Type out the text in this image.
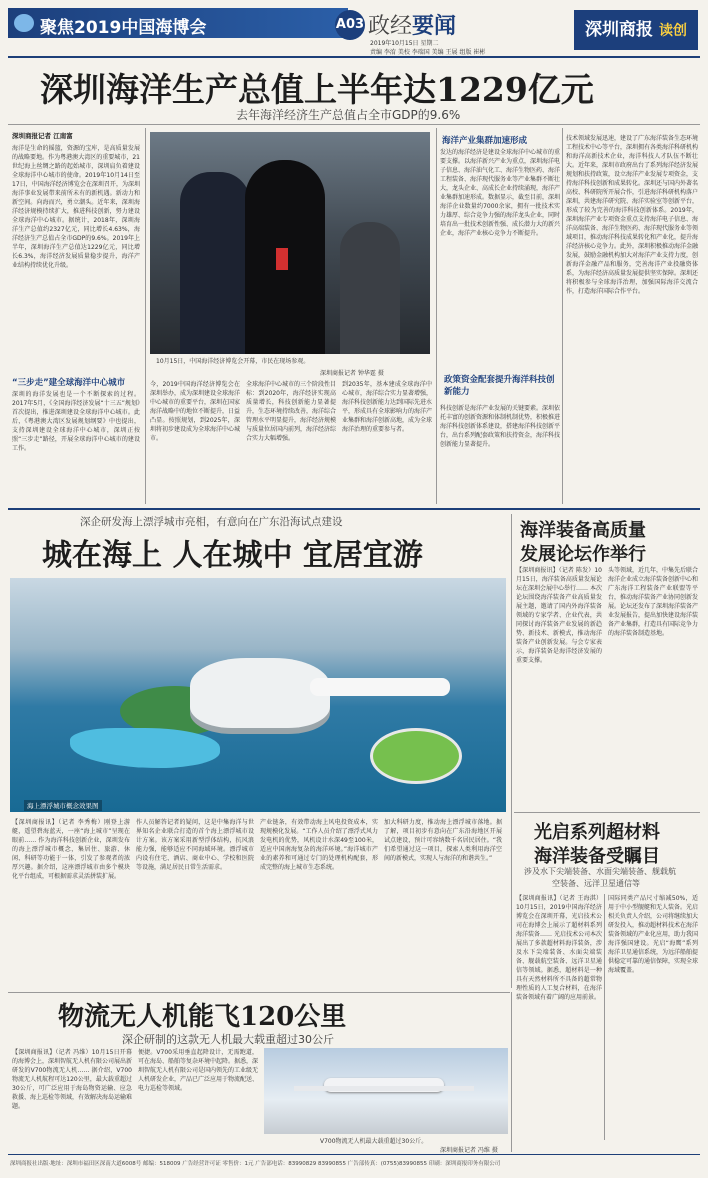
聚焦2019中国海博会	A03 政经要闻
2019年10月15日 星期二
责编 李淯 美校 李瑞国 美编 王展 组版 崔彬
深圳商报 读创
深圳海洋生产总值上半年达1229亿元
去年海洋经济生产总值占全市GDP的9.6%
深圳商报记者 江南富
海洋是生命的摇篮，资源的宝库，是高质量发展的战略要地。作为粤港澳大湾区的重要城市，21世纪海上丝绸之路的起始城市，深圳肩负着建设全球海洋中心城市的使命。2019年10月14日至17日，中国海洋经济博览会在深圳召开，为深圳海洋事业发展带来前所未有的新机遇。新动力和新空间。向海而兴，勇立潮头。近年来，深圳海洋经济规模持续扩大，推进科技创新，努力建设全球海洋中心城市。据统计，2018年，深圳海洋生产总值约2327亿元，同比增长4.63%，海洋经济生产总值占全市GDP的9.6%。2019年上半年，深圳海洋生产总值达1229亿元，同比增长6.3%，海洋经济发展质量稳步提升，海洋产业结构持续优化升级。
“三步走”建全球海洋中心城市
深圳的海洋发展也是一个不断探索的过程。2017年5月，《全国海洋经济发展“十三五”规划》首次提出，推进深圳建设全球海洋中心城市。此后，《粤港澳大湾区发展规划纲要》中也提出，支持深圳建设全球海洋中心城市，深圳正按照“三步走”路径，开展全球海洋中心城市的建设工作。
10月15日，中国海洋经济博览会开幕，市民在现场参观。
深圳商报记者 钟华霆 摄
今，2019中国海洋经济博览会在深圳举办，成为深圳建设全球海洋中心城市的重要平台，深圳在国家海洋战略中的地位不断提升，日益凸显。按照规划，到2025年，深圳将初步建设成为全球海洋中心城市。
全球海洋中心城市的三个阶段性目标：到2020年，海洋经济实现高质量增长，科技创新能力显著提升，生态环境持续改善，海洋综合管理水平明显提升，海洋经济规模与质量位居国内前列，海洋经济综合实力大幅增强。
到2035年，基本建成全球海洋中心城市，海洋综合实力显著增强，海洋科技创新能力达到国际先进水平，形成具有全球影响力的海洋产业集群和海洋创新高地，成为全球海洋治理的重要参与者。
海洋产业集群加速形成
发达的海洋经济是建设全球海洋中心城市的重要支撑。以海洋新兴产业为重点，深圳海洋电子信息、海洋油气化工、海洋生物医药、海洋工程装备、海洋现代服务业等产业集群不断壮大，龙头企业、高成长企业持续涌现，海洋产业集群加速形成。数据显示，截至目前，深圳海洋企业数量约7000余家，拥有一批技术实力雄厚、综合竞争力强的海洋龙头企业，同时培育出一批技术创新性强、成长潜力大的新兴企业，海洋产业核心竞争力不断提升。
政策资金配套提升海洋科技创新能力
科技创新是海洋产业发展的关键要素。深圳依托丰富的创新资源和体制机制优势，积极推进海洋科技创新体系建设，搭建海洋科技创新平台，出台系列配套政策和扶持资金，海洋科技创新能力显著提升。
技术领域发展迅速，建设了广东海洋装备生态环境工程技术中心等平台，深圳拥有各类海洋科研机构和海洋高新技术企业，海洋科技人才队伍不断壮大。近年来，深圳市政府出台了系列海洋经济发展规划和扶持政策，设立海洋产业发展专项资金，支持海洋科技创新和成果转化。深圳还与国内外著名高校、科研院所开展合作，引进海洋科研机构落户深圳，共建海洋研究院、海洋实验室等创新平台，形成了较为完善的海洋科技创新体系。2019年，深圳海洋产业专项资金重点支持海洋电子信息、海洋高端装备、海洋生物医药、海洋现代服务业等领域项目，推动海洋科技成果转化和产业化，提升海洋经济核心竞争力。此外，深圳积极推动海洋金融发展，鼓励金融机构加大对海洋产业支持力度，创新海洋金融产品和服务，完善海洋产业投融资体系，为海洋经济高质量发展提供坚实保障。深圳还将积极参与全球海洋治理，加强国际海洋交流合作，打造海洋国际合作平台。
深企研发海上漂浮城市亮相，有意向在广东沿海试点建设
城在海上 人在城中 宜居宜游
海上漂浮城市概念效果图
【深圳商报讯】（记者 李秀梅）刚登上游艇，遥望碧海蓝天，一座“海上城市”呈现在眼前…… 作为海洋科技创新企业，深圳发布的海上漂浮城市概念，集居住、旅游、休闲、科研等功能于一体，引发了参观者的浓厚兴趣。据介绍，这座漂浮城市由多个模块化平台组成，可根据需求灵活拼装扩展。
作人员解答记者的疑问，这是中集海洋与世界知名企业联合打造的首个海上漂浮城市设计方案。该方案采用新型浮体结构，抗风浪能力强，能够适应不同海域环境。漂浮城市内设有住宅、酒店、商业中心、学校和医院等设施，满足居民日常生活需求。
产业链条，有效带动海上风电投资成本，实现规模化发展。“工作人员介绍了漂浮式风力发电机的优势，风机设计水深49至100米，适应中国南海复杂的海洋环境。”海洋城市产业的素养和可通过专门的处理机构配套，形成完整的海上城市生态系统。
加大科研力度，推动海上漂浮城市落地。据了解，项目初步有意向在广东沿海地区开展试点建设，预计可容纳数千名居民居住。“我们希望通过这一项目，探索人类利用海洋空间的新模式，实现人与海洋的和谐共生。”
海洋装备高质量
发展论坛作举行
【深圳商报讯】（记者 陈发）10月15日，海洋装备高质量发展论坛在深圳会展中心举行…… 本次论坛围绕海洋装备产业高质量发展主题，邀请了国内外海洋装备领域的专家学者、企业代表，共同探讨海洋装备产业发展的新趋势、新技术、新模式，推动海洋装备产业创新发展。与会专家表示，海洋装备是海洋经济发展的重要支撑。
头等领域，近几年，中集先后联合海洋企业成立海洋装备创新中心和广东海洋工程装备产业联盟等平台，推动海洋装备产业协同创新发展。论坛还发布了深圳海洋装备产业发展报告，提出加快建设海洋装备产业集群，打造具有国际竞争力的海洋装备制造基地。
光启系列超材料
海洋装备受瞩目
涉及水下尖端装备、水面尖端装备、舰载航
空装备、远洋卫星通信等
【深圳商报讯】（记者 王海淇）10月15日，2019中国海洋经济博览会在深圳开幕，光启技术公司在海博会上展示了超材料系列海洋装备…… 光启技术公司本次展出了多款超材料海洋装备，涉及水下尖端装备、水面尖端装备、舰载航空装备、远洋卫星通信等领域。据悉，超材料是一种具有天然材料所不具备的超常物理性质的人工复合材料，在海洋装备领域有着广阔的应用前景。
国际同类产品尺寸缩减50%，适用于中小型舰艇和无人装备。光启相关负责人介绍，公司将继续加大研发投入，推动超材料技术在海洋装备领域的产业化应用，助力我国海洋强国建设。光启“海鹰”系列海洋卫星通信系统，为远洋船舶提供稳定可靠的通信保障，实现全球海域覆盖。
物流无人机能飞120公里
深企研制的这款无人机最大载重超过30公斤
【深圳商报讯】（记者 冯维）10月15日开幕的海博会上，深圳智航无人机有限公司展出新研发的V700物流无人机…… 据介绍，V700物流无人机航程可达120公里，最大载重超过30公斤，可广泛应用于海岛物资运输、应急救援、海上巡检等领域，有效解决海岛运输难题。
便捷。V700采用垂直起降设计，无需跑道，可在海岛、船舶等复杂环境中起降。据悉，深圳智航无人机有限公司是国内领先的工业级无人机研发企业，产品已广泛应用于物流配送、电力巡检等领域。
V700物流无人机最大载重超过30公斤。
深圳商报记者 冯维 摄
深圳商报社出版·地址：深圳市福田区深南大道6008号 邮编：518009 广告经营许可证 零售价：1元 广告部电话：83990829 83990855 广告部传真：(0755)83990855 印刷：深圳商报印务有限公司
